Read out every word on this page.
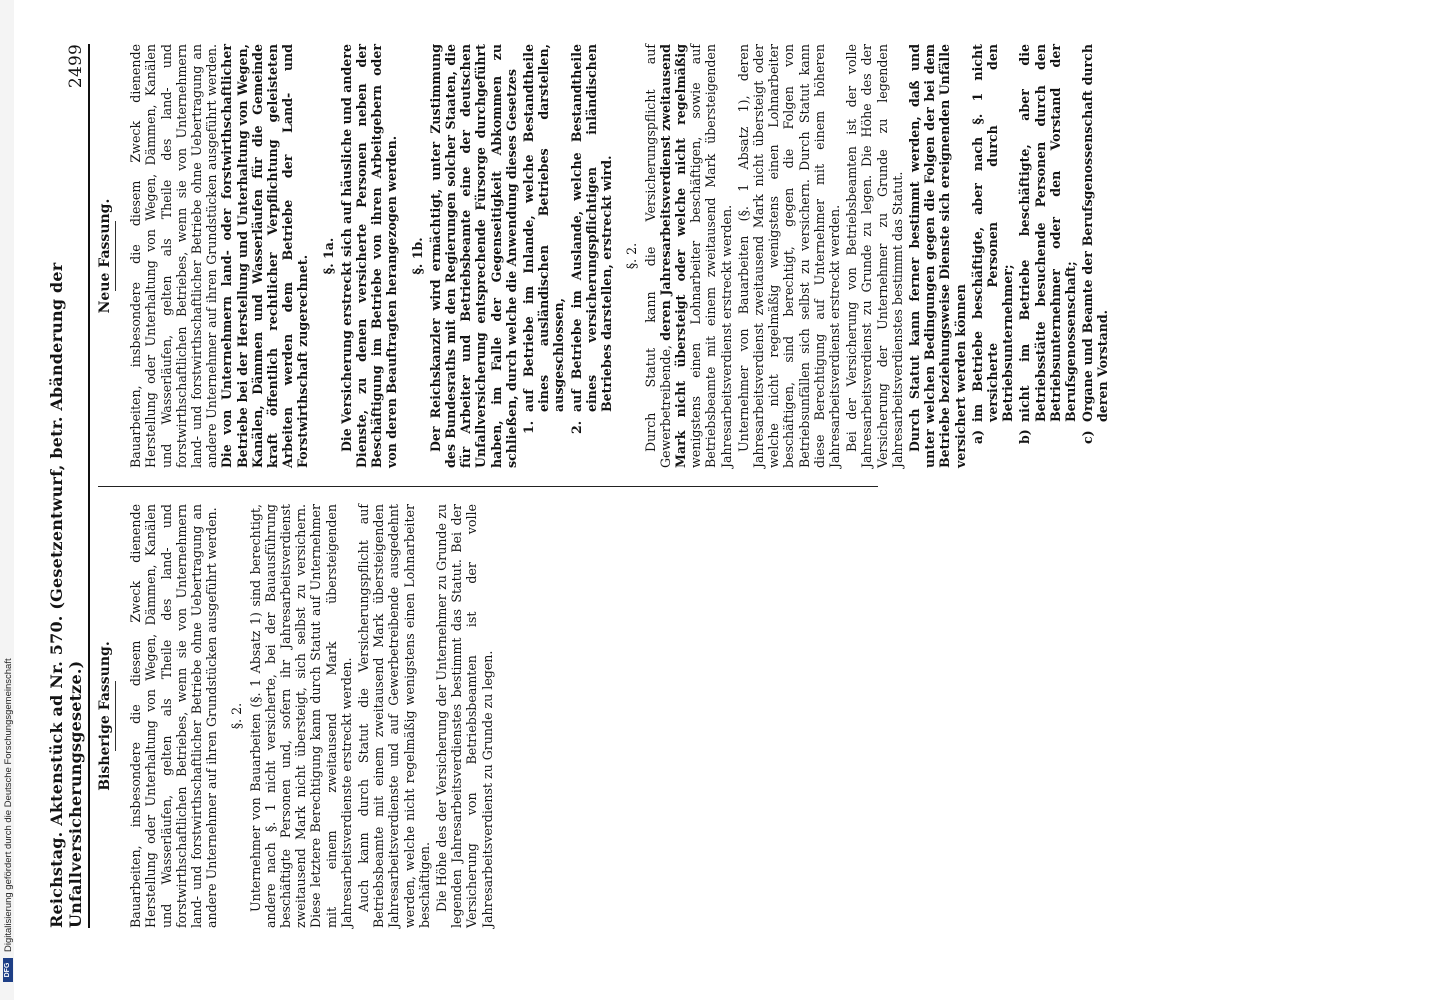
DFG
Digitalisierung gefördert durch die Deutsche Forschungsgemeinschaft Reichstag. Aktenstück ad Nr. 570. (Gesetzentwurf, betr. Abänderung der Unfallversicherungsgesetze.)
2499
Bisherige Fassung. Bauarbeiten, insbesondere die diesem Zweck dienende Herstellung oder Unterhaltung von Wegen, Dämmen, Kanälen und Wasserläufen, gelten als Theile des land- und forstwirthschaftlichen Betriebes, wenn sie von Unternehmern land- und forstwirthschaftlicher Betriebe ohne Uebertragung an andere Unternehmer auf ihren Grundstücken ausgeführt werden. §. 2. Unternehmer von Bauarbeiten (§. 1 Absatz 1) sind berechtigt, andere nach §. 1 nicht versicherte, bei der Bauausführung beschäftigte Personen und, sofern ihr Jahresarbeitsverdienst zweitausend Mark nicht übersteigt, sich selbst zu versichern. Diese letztere Berechtigung kann durch Statut auf Unternehmer mit einem zweitausend Mark übersteigenden Jahresarbeitsverdienste erstreckt werden. Auch kann durch Statut die Versicherungspflicht auf Betriebsbeamte mit einem zweitausend Mark übersteigenden Jahresarbeitsverdienste und auf Gewerbetreibende ausgedehnt werden, welche nicht regelmäßig wenigstens einen Lohnarbeiter beschäftigen. Die Höhe des der Versicherung der Unternehmer zu Grunde zu legenden Jahresarbeitsverdienstes bestimmt das Statut. Bei der Versicherung von Betriebsbeamten ist der volle Jahresarbeitsverdienst zu Grunde zu legen.

Neue Fassung. Bauarbeiten, insbesondere die diesem Zweck dienende Herstellung oder Unterhaltung von Wegen, Dämmen, Kanälen und Wasserläufen, gelten als Theile des land- und forstwirthschaftlichen Betriebes, wenn sie von Unternehmern land- und forstwirthschaftlicher Betriebe ohne Uebertragung an andere Unternehmer auf ihren Grundstücken ausgeführt werden. Die von Unternehmern land- oder forstwirthschaftlicher Betriebe bei der Herstellung und Unterhaltung von Wegen, Kanälen, Dämmen und Wasserläufen für die Gemeinde kraft öffentlich rechtlicher Verpflichtung geleisteten Arbeiten werden dem Betriebe der Land- und Forstwirthschaft zugerechnet. §. 1a. Die Versicherung erstreckt sich auf häusliche und andere Dienste, zu denen versicherte Personen neben der Beschäftigung im Betriebe von ihren Arbeitgebern oder von deren Beauftragten herangezogen werden. §. 1b. Der Reichskanzler wird ermächtigt, unter Zustimmung des Bundesraths mit den Regierungen solcher Staaten, die für Arbeiter und Betriebsbeamte eine der deutschen Unfallversicherung entsprechende Fürsorge durchgeführt haben, im Falle der Gegenseitigkeit Abkommen zu schließen, durch welche die Anwendung dieses Gesetzes 1.
auf Betriebe im Inlande, welche Bestandtheile eines ausländischen Betriebes darstellen, ausgeschlossen,
2.
auf Betriebe im Auslande, welche Bestandtheile eines versicherungspflichtigen inländischen Betriebes darstellen, erstreckt wird. §. 2. Durch Statut kann die Versicherungspflicht auf Gewerbetreibende, deren Jahresarbeitsverdienst zweitausend Mark nicht übersteigt oder welche nicht regelmäßig wenigstens einen Lohnarbeiter beschäftigen, sowie auf Betriebsbeamte mit einem zweitausend Mark übersteigenden Jahresarbeitsverdienst erstreckt werden. Unternehmer von Bauarbeiten (§. 1 Absatz 1), deren Jahresarbeitsverdienst zweitausend Mark nicht übersteigt oder welche nicht regelmäßig wenigstens einen Lohnarbeiter beschäftigen, sind berechtigt, gegen die Folgen von Betriebsunfällen sich selbst zu versichern. Durch Statut kann diese Berechtigung auf Unternehmer mit einem höheren Jahresarbeitsverdienst erstreckt werden. Bei der Versicherung von Betriebsbeamten ist der volle Jahresarbeitsverdienst zu Grunde zu legen. Die Höhe des der Versicherung der Unternehmer zu Grunde zu legenden Jahresarbeitsverdienstes bestimmt das Statut. Durch Statut kann ferner bestimmt werden, daß und unter welchen Bedingungen gegen die Folgen der bei dem Betriebe beziehungsweise Dienste sich ereignenden Unfälle versichert werden können a)
im Betriebe beschäftigte, aber nach §. 1 nicht versicherte Personen durch den Betriebsunternehmer;
b)
nicht im Betriebe beschäftigte, aber die Betriebsstätte besuchende Personen durch den Betriebsunternehmer oder den Vorstand der Berufsgenossenschaft;
c)
Organe und Beamte der Berufsgenossenschaft durch deren Vorstand.
